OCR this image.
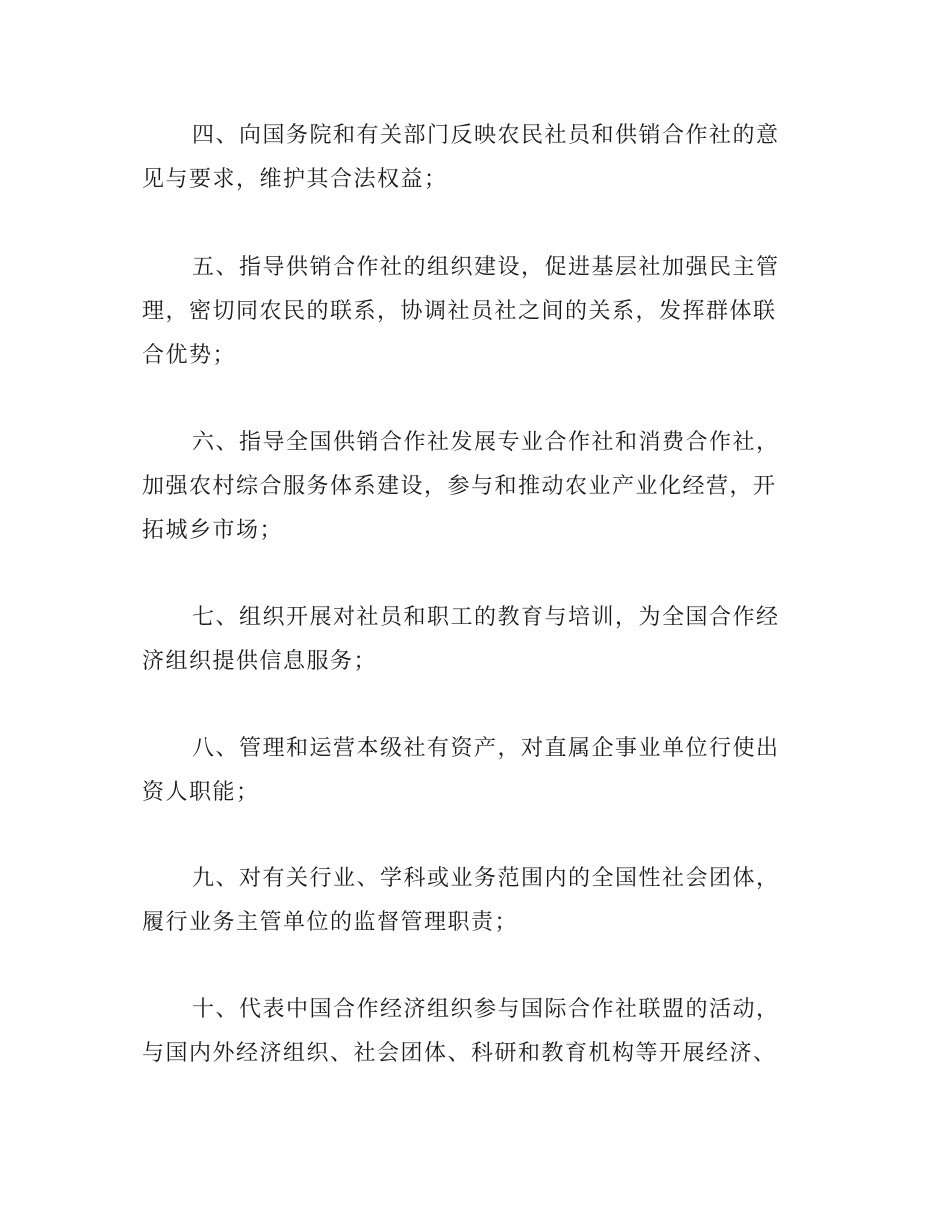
四、向国务院和有关部门反映农民社员和供销合作社的意
见与要求，维护其合法权益；

五、指导供销合作社的组织建设，促进基层社加强民主管
理，密切同农民的联系，协调社员社之间的关系，发挥群体联
合优势；

六、指导全国供销合作社发展专业合作社和消费合作社，
加强农村综合服务体系建设，参与和推动农业产业化经营，开
拓城乡市场；

七、组织开展对社员和职工的教育与培训，为全国合作经
济组织提供信息服务；

八、管理和运营本级社有资产，对直属企事业单位行使出
资人职能；

九、对有关行业、学科或业务范围内的全国性社会团体，
履行业务主管单位的监督管理职责；

十、代表中国合作经济组织参与国际合作社联盟的活动，
与国内外经济组织、社会团体、科研和教育机构等开展经济、
